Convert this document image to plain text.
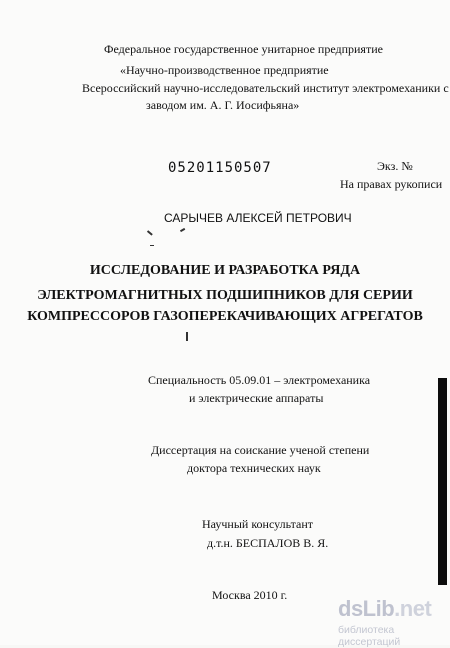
Федеральное государственное унитарное предприятие
«Научно-производственное предприятие
Всероссийский научно-исследовательский институт электромеханики с
заводом им. А. Г. Иосифьяна»
05201150507	Экз. №
На правах рукописи
САРЫЧЕВ АЛЕКСЕЙ ПЕТРОВИЧ
ИССЛЕДОВАНИЕ И РАЗРАБОТКА РЯДА
ЭЛЕКТРОМАГНИТНЫХ ПОДШИПНИКОВ ДЛЯ СЕРИИ
КОМПРЕССОРОВ ГАЗОПЕРЕКАЧИВАЮЩИХ АГРЕГАТОВ
Специальность 05.09.01 – электромеханика
и электрические аппараты
Диссертация на соискание ученой степени
доктора технических наук
Научный консультант
д.т.н. БЕСПАЛОВ В. Я.
Москва 2010 г.
dsLib.net
библиотека диссертаций
